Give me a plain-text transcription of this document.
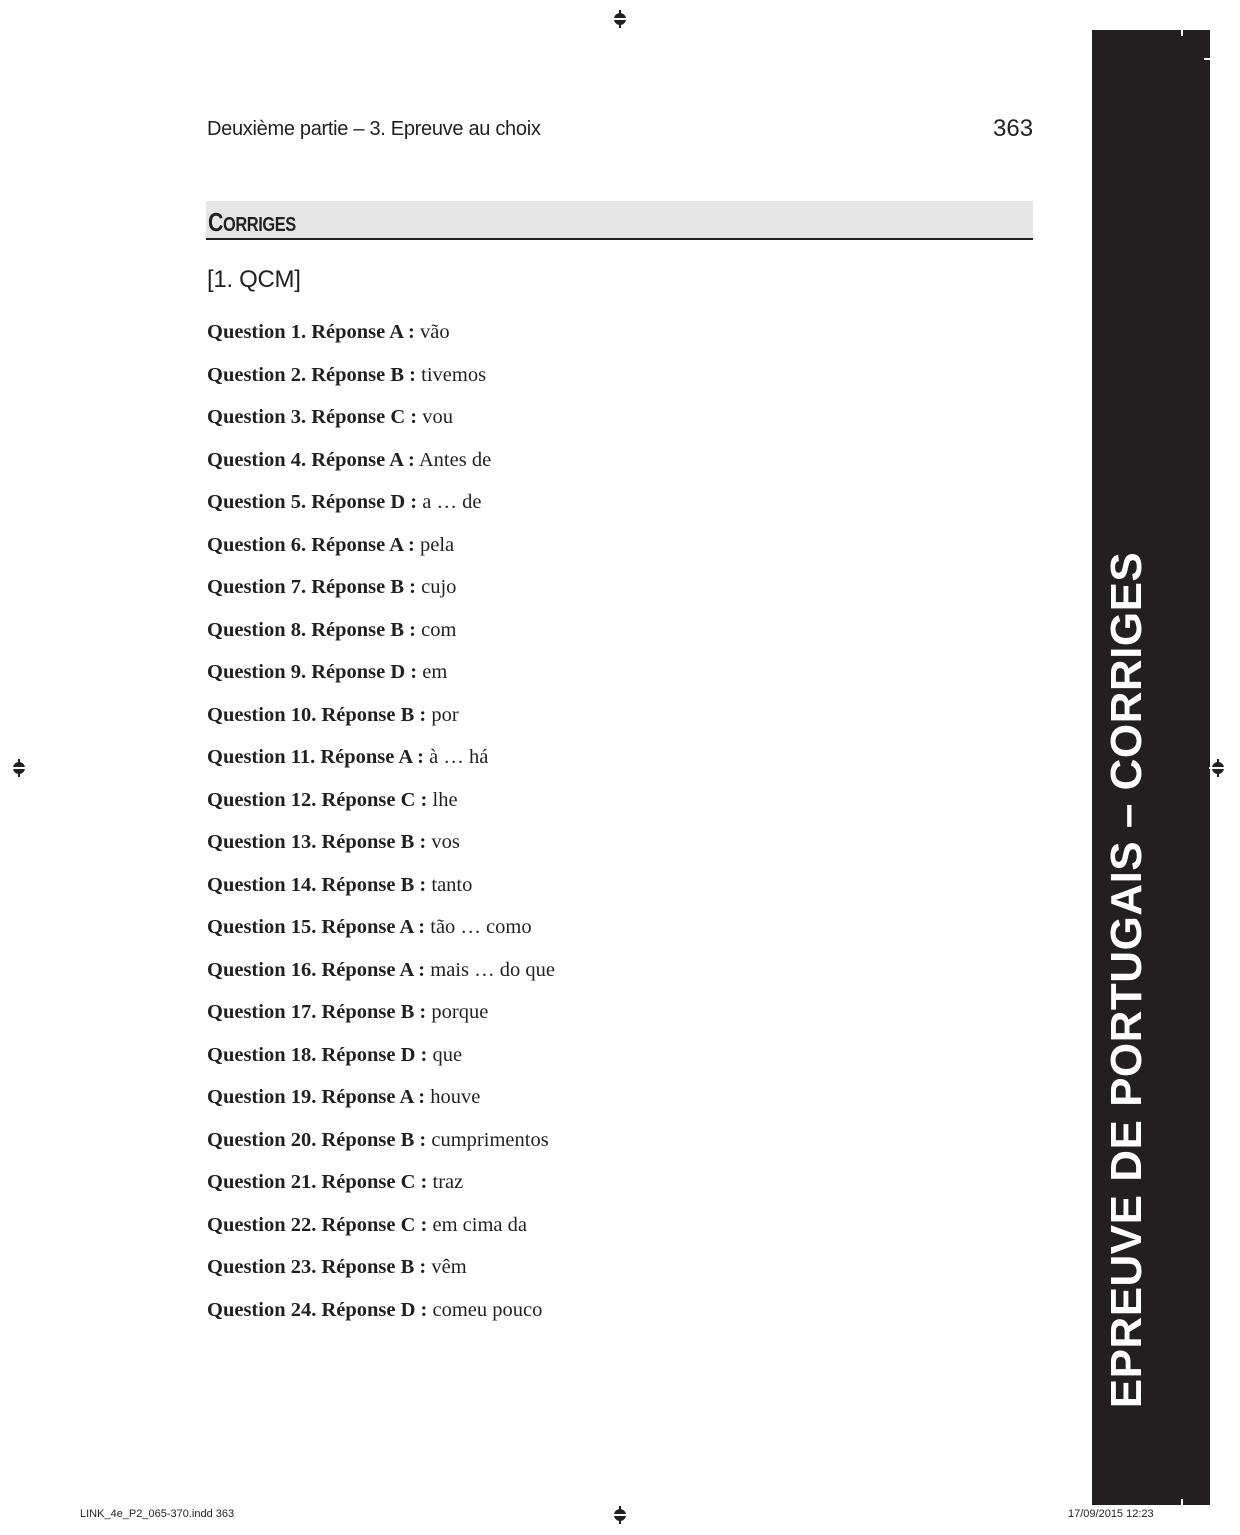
Deuxième partie – 3. Epreuve au choix	363
CORRIGES
[1. QCM]
Question 1. Réponse A : vão
Question 2. Réponse B : tivemos
Question 3. Réponse C : vou
Question 4. Réponse A : Antes de
Question 5. Réponse D : a … de
Question 6. Réponse A : pela
Question 7. Réponse B : cujo
Question 8. Réponse B : com
Question 9. Réponse D : em
Question 10. Réponse B : por
Question 11. Réponse A : à … há
Question 12. Réponse C : lhe
Question 13. Réponse B : vos
Question 14. Réponse B : tanto
Question 15. Réponse A : tão … como
Question 16. Réponse A : mais … do que
Question 17. Réponse B : porque
Question 18. Réponse D : que
Question 19. Réponse A : houve
Question 20. Réponse B : cumprimentos
Question 21. Réponse C : traz
Question 22. Réponse C : em cima da
Question 23. Réponse B : vêm
Question 24. Réponse D : comeu pouco	EPREUVE DE PORTUGAIS – CORRIGES
LINK_4e_P2_065-370.indd 363	17/09/2015 12:23
